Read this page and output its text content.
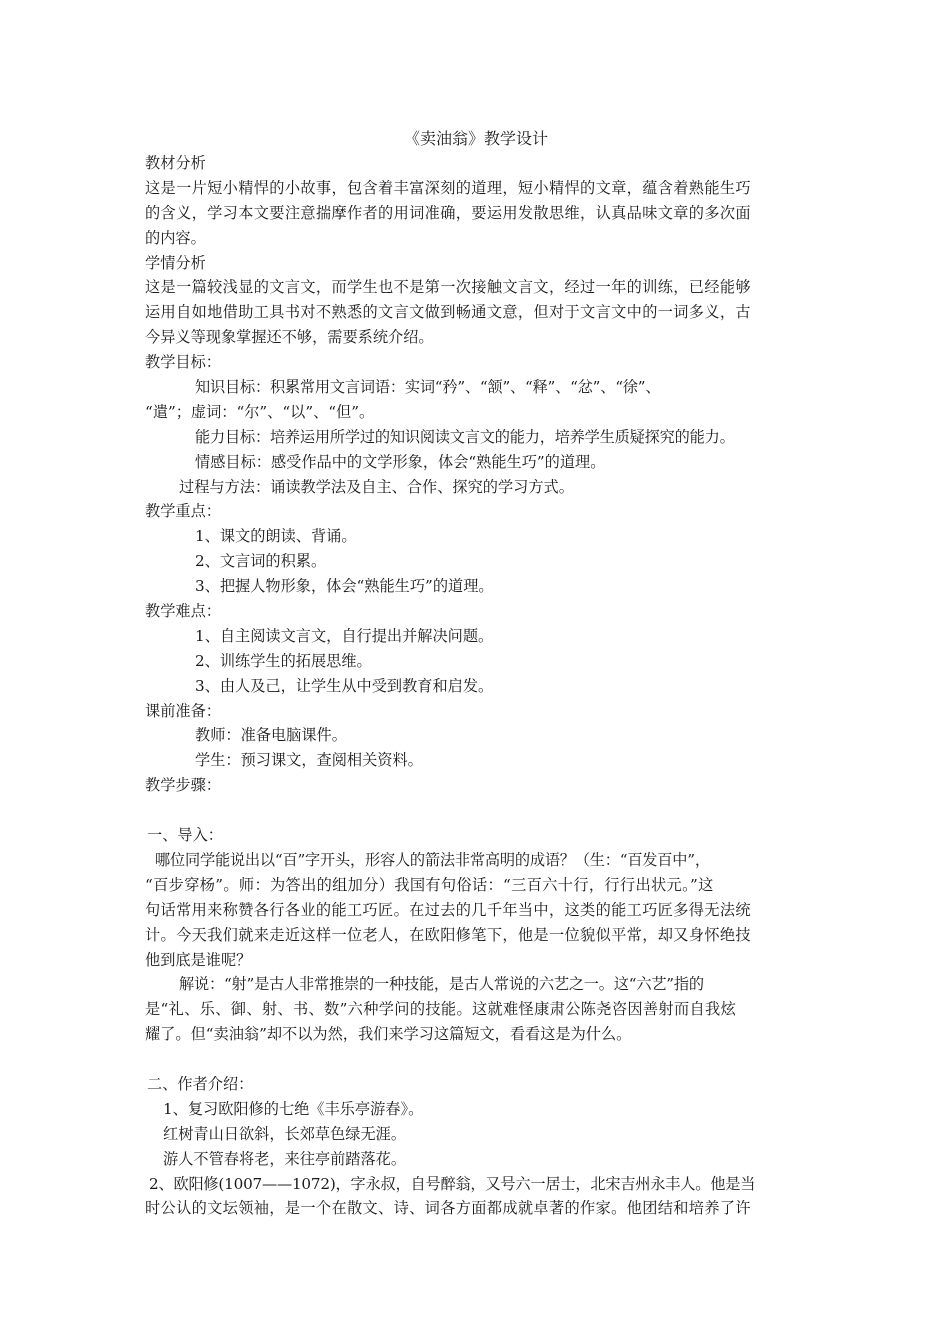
《卖油翁》教学设计
教材分析
这是一片短小精悍的小故事，包含着丰富深刻的道理，短小精悍的文章，蕴含着熟能生巧
的含义，学习本文要注意揣摩作者的用词准确，要运用发散思维，认真品味文章的多次面
的内容。
学情分析
这是一篇较浅显的文言文，而学生也不是第一次接触文言文，经过一年的训练，已经能够
运用自如地借助工具书对不熟悉的文言文做到畅通文意，但对于文言文中的一词多义，古
今异义等现象掌握还不够，需要系统介绍。
教学目标：
知识目标：积累常用文言词语：实词“矜”、“颔”、“释”、“忿”、“徐”、
“遣”；虚词：“尔”、“以”、“但”。
能力目标：培养运用所学过的知识阅读文言文的能力，培养学生质疑探究的能力。
情感目标：感受作品中的文学形象，体会“熟能生巧”的道理。
过程与方法：诵读教学法及自主、合作、探究的学习方式。
教学重点：
1、课文的朗读、背诵。
2、文言词的积累。
3、把握人物形象，体会“熟能生巧”的道理。
教学难点：
1、自主阅读文言文，自行提出并解决问题。
2、训练学生的拓展思维。
3、由人及己，让学生从中受到教育和启发。
课前准备：
教师：准备电脑课件。
学生：预习课文，查阅相关资料。
教学步骤：
一、导入：
哪位同学能说出以“百”字开头，形容人的箭法非常高明的成语？（生：“百发百中”，
“百步穿杨”。师：为答出的组加分）我国有句俗话：“三百六十行，行行出状元。”这
句话常用来称赞各行各业的能工巧匠。在过去的几千年当中，这类的能工巧匠多得无法统
计。今天我们就来走近这样一位老人，在欧阳修笔下，他是一位貌似平常，却又身怀绝技
他到底是谁呢？
解说：“射”是古人非常推崇的一种技能，是古人常说的六艺之一。这“六艺”指的
是“礼、乐、御、射、书、数”六种学问的技能。这就难怪康肃公陈尧咨因善射而自我炫
耀了。但“卖油翁”却不以为然，我们来学习这篇短文，看看这是为什么。
二、作者介绍：
1、复习欧阳修的七绝《丰乐亭游春》。
红树青山日欲斜，长郊草色绿无涯。
游人不管春将老，来往亭前踏落花。
2、欧阳修(1007——1072)，字永叔，自号醉翁，又号六一居士，北宋吉州永丰人。他是当
时公认的文坛领袖，是一个在散文、诗、词各方面都成就卓著的作家。他团结和培养了许
